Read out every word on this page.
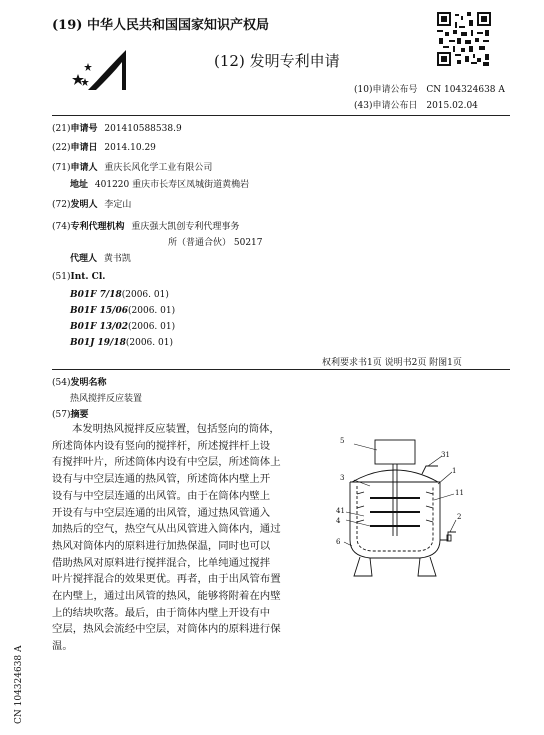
(19) 中华人民共和国国家知识产权局
(12) 发明专利申请
(10)申请公布号 CN 104324638 A
(43)申请公布日 2015.02.04
(21)申请号 201410588538.9
(22)申请日 2014.10.29
(71)申请人 重庆长风化学工业有限公司
地址 401220 重庆市长寿区凤城街道黄桷岩
(72)发明人 李定山
(74)专利代理机构 重庆强大凯创专利代理事务
所（普通合伙） 50217
代理人 黄书凯
(51)Int. Cl.
B01F 7/18(2006. 01)
B01F 15/06(2006. 01)
B01F 13/02(2006. 01)
B01J 19/18(2006. 01)
权利要求书1页 说明书2页 附图1页
(54)发明名称
热风搅拌反应装置
(57)摘要
本发明热风搅拌反应装置，包括竖向的筒体，
所述筒体内设有竖向的搅拌杆，所述搅拌杆上设
有搅拌叶片，所述筒体内设有中空层，所述筒体上
设有与中空层连通的热风管，所述筒体内壁上开
设有与中空层连通的出风管。由于在筒体内壁上
开设有与中空层连通的出风管，通过热风管通入
加热后的空气，热空气从出风管进入筒体内，通过
热风对筒体内的原料进行加热保温，同时也可以
借助热风对原料进行搅拌混合，比单纯通过搅拌
叶片搅拌混合的效果更优。再者，由于出风管布置
在内壁上，通过出风管的热风，能够将附着在内壁
上的结块吹落。最后，由于筒体内壁上开设有中
空层，热风会流经中空层，对筒体内的原料进行保
温。
5
3
31
1
11
41
4	2
6
CN 104324638 A
